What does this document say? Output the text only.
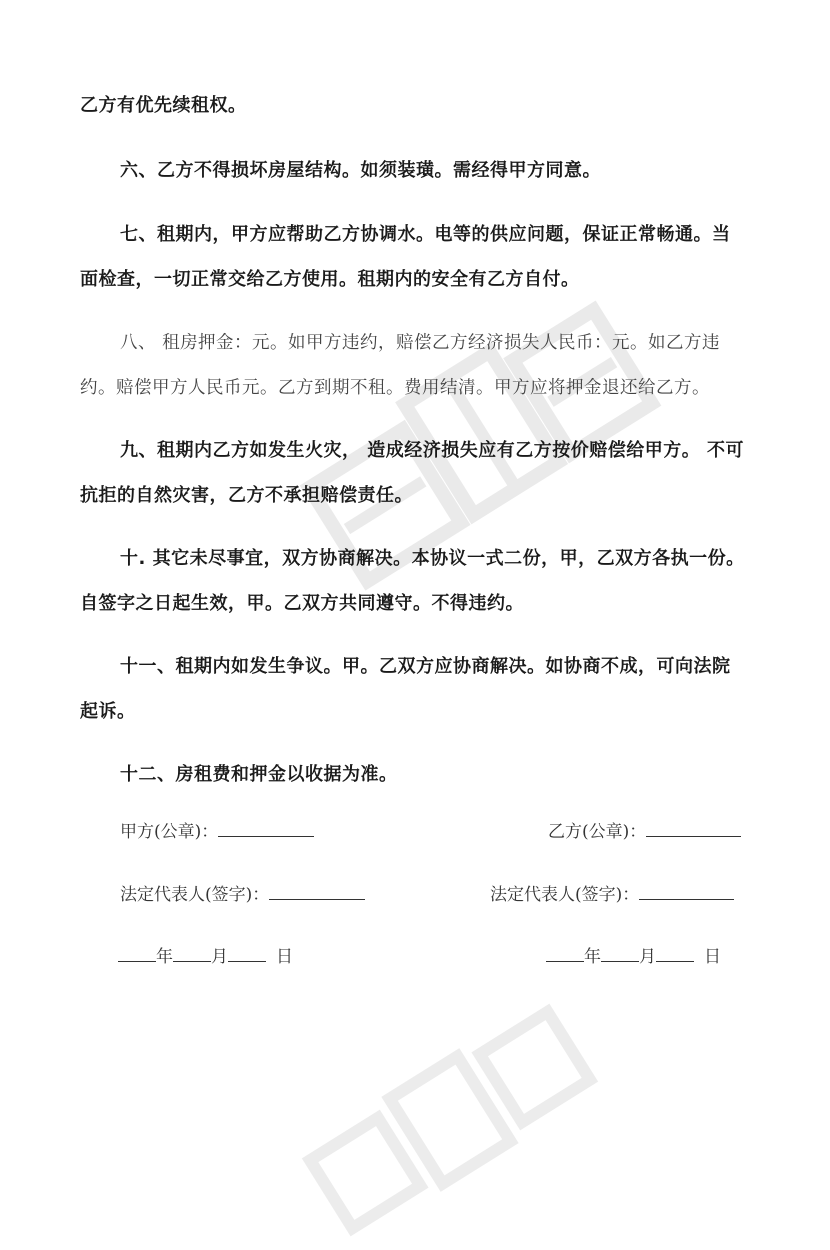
乙方有优先续租权。
六、乙方不得损坏房屋结构。如须装璜。需经得甲方同意。
七、租期内，甲方应帮助乙方协调水。电等的供应问题，保证正常畅通。当
面检查，一切正常交给乙方使用。租期内的安全有乙方自付。
八、 租房押金：元。如甲方违约，赔偿乙方经济损失人民币：元。如乙方违
约。赔偿甲方人民币元。乙方到期不租。费用结清。甲方应将押金退还给乙方。
九、租期内乙方如发生火灾， 造成经济损失应有乙方按价赔偿给甲方。 不可
抗拒的自然灾害，乙方不承担赔偿责任。
十. 其它未尽事宜，双方协商解决。本协议一式二份，甲，乙双方各执一份。
自签字之日起生效，甲。乙双方共同遵守。不得违约。
十一、租期内如发生争议。甲。乙双方应协商解决。如协商不成，可向法院
起诉。
十二、房租费和押金以收据为准。
甲方(公章)：	乙方(公章)：
法定代表人(签字)：	法定代表人(签字)：
年 月	日	年 月	日
